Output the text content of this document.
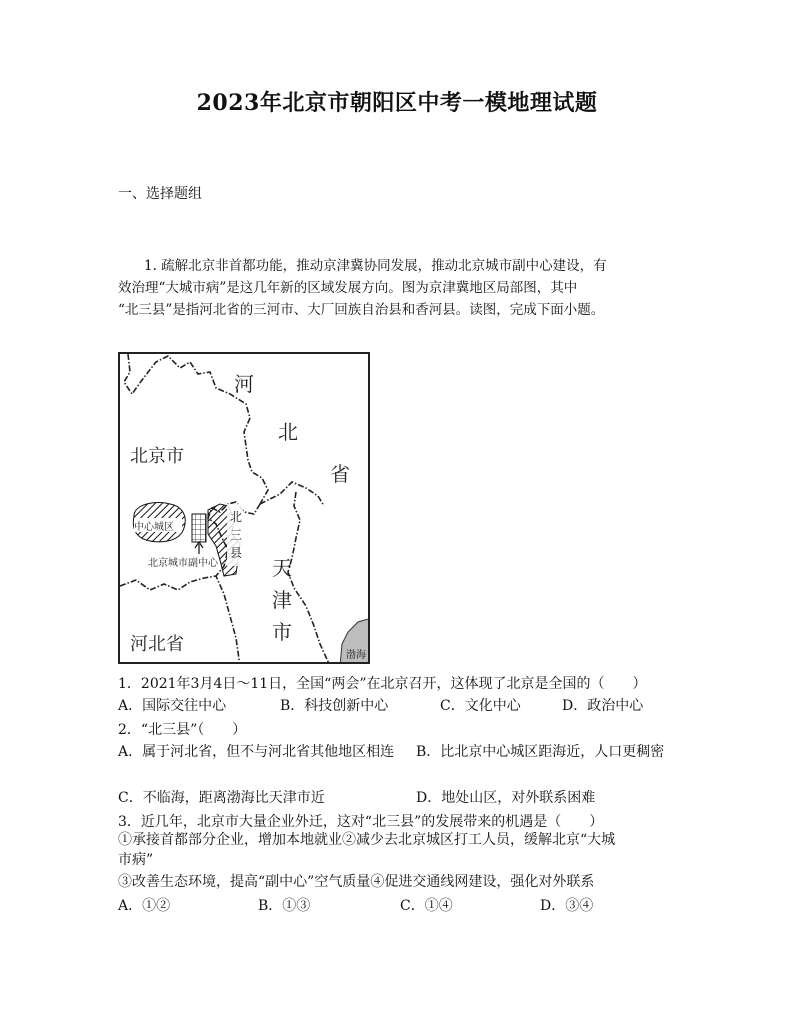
2023年北京市朝阳区中考一模地理试题
一、选择题组

1. 疏解北京非首都功能，推动京津冀协同发展，推动北京城市副中心建设，有

效治理“大城市病”是这几年新的区域发展方向。图为京津冀地区局部图，其中

“北三县”是指河北省的三河市、大厂回族自治县和香河县。读图，完成下面小题。

河
北
省
北京市
中心城区
北京城市副中心
北
三
县
天
津
市
河北省
渤海
1．2021年3月4日～11日，全国“两会”在北京召开，这体现了北京是全国的（　　）
A．国际交往中心	B．科技创新中心	C．文化中心	D．政治中心
2．“北三县”（　　）
A．属于河北省，但不与河北省其他地区相连	B．比北京中心城区距海近，人口更稠密
C．不临海，距离渤海比天津市近	D．地处山区，对外联系困难
3．近几年，北京市大量企业外迁，这对“北三县”的发展带来的机遇是（　　）
①承接首都部分企业，增加本地就业②减少去北京城区打工人员，缓解北京“大城
市病”
③改善生态环境，提高“副中心”空气质量④促进交通线网建设，强化对外联系
A．①②	B．①③	C．①④	D．③④
